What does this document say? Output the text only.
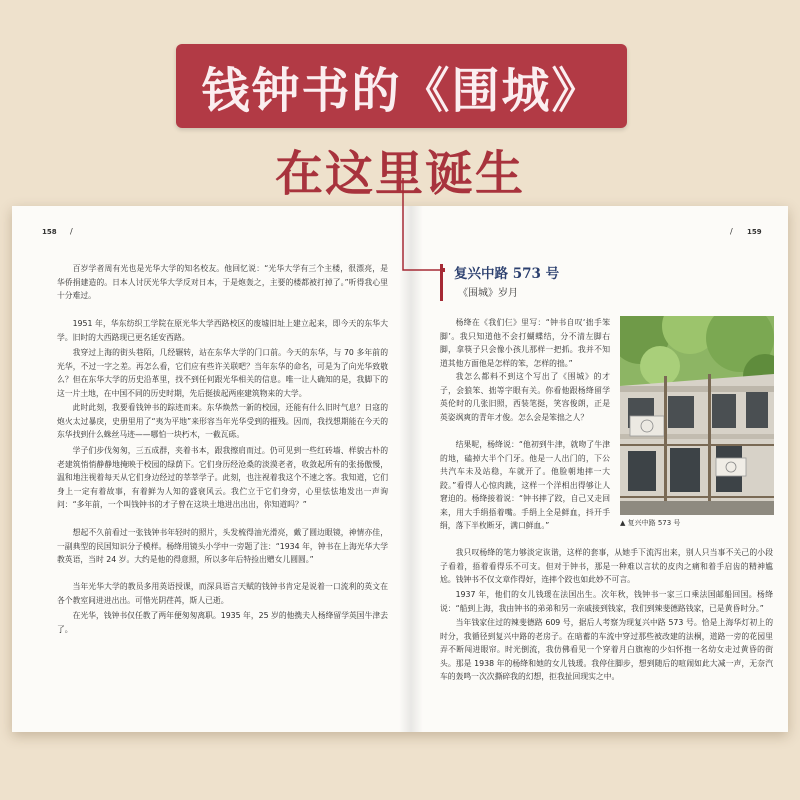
钱钟书的《围城》
在这里诞生
158 /

百岁学者周有光也是光华大学的知名校友。他回忆说：“光华大学有三个主楼，很漂亮，是华侨捐建造的。日本人讨厌光华大学反对日本，于是炮轰之，主要的楼都被打掉了。”听得我心里十分难过。

1951 年，华东纺织工学院在原光华大学西路校区的废墟旧址上建立起来，即今天的东华大学。旧时的大西路现已更名延安西路。

我穿过上海的街头巷陌，几经辗转，站在东华大学的门口前。今天的东华，与 70 多年前的光华，不过一字之差。再怎么看，它们应有些许关联吧？当年东华的命名，可是为了向光华致敬么？但在东华大学的历史沿革里，找不到任何跟光华相关的信息。唯一让人确知的是，我脚下的这一片土地，在中国不同的历史时期，先后挺拔起两座建筑物来的大学。

此时此刻，我要看钱钟书的踪迹而来。东华焕然一新的校园，还能有什么旧时气息？日寇的炮火太过暴戾，史册里用了“夷为平地”来形容当年光华受到的摧残。因而，我找想期能在今天的东华找到什么蛛丝马迹——哪怕一块朽木，一截瓦砾。

学子们步伐匆匆，三五成群，夹着书本，跟我擦肩而过。仍可见到一些红砖墙、样貌古朴的老建筑悄悄静静地掩映于校园的绿荫下。它们身历经沧桑的淡漠老者，收敛起所有的张扬傲慢，温和地注视着每天从它们身边经过的莘莘学子。此刻，也注视着我这个不速之客。我知道，它们身上一定有着故事，有着鲜为人知的盛衰风云。我伫立于它们身旁，心里怯怯地发出一声询问：“多年前，一个叫钱钟书的才子曾在这块土地进出出出，你知道吗？”

想起不久前看过一张钱钟书年轻时的照片，头发梳得油光滑亮，戴了圆边眼镜，神情亦佳，一副典型的民国知识分子模样。杨绛用镜头小学中一旁题了注：“1934 年，钟书在上海光华大学教英语，当时 24 岁。大约是他的得意照，所以多年后特捡出赠女儿圆圆。”

当年光华大学的教员多用英语授课，而深具语言天赋的钱钟书肯定是说着一口流利的英文在各个教室间进进出出。可惜光阴荏苒，斯人已逝。

在光华，钱钟书仅任教了两年便匆匆离职。1935 年，25 岁的他携夫人杨绛留学英国牛津去了。

/ 159
复兴中路 573 号
《围城》岁月

杨绛在《我们仨》里写：“钟书自叹‘拙手笨脚’。我只知道他不会打蝴蝶结，分不清左脚右脚，拿筷子只会像小孩儿那样一把抓。我并不知道其他方面他是怎样的笨，怎样的拙。”

我怎么都料不到这个写出了《围城》的才子，会狼笨、拙等字眼有关。你看他跟杨绛留学英伦时的几张旧照，西装笔挺，笑容俊朗，正是英姿飒爽的青年才俊。怎么会是笨拙之人？

结果呢，杨绛说：“他初到牛津，就吻了牛津的地，磕掉大半个门牙。他是一人出门的，下公共汽车未及站稳，车就开了。他脸朝地摔一大跤。”看得人心惊肉跳，这样一个洋相出得够让人窘迫的。杨绛接着说：“钟书摔了跤，自己又走回来，用大手绢捂着嘴。手绢上全是鲜血，抖开手绢，落下半枚断牙，满口鲜血。”

我只叹杨绛的笔力够淡定诙谐，这样的套事，从她手下流泻出来，别人只当事不关己的小段子看着，捂着看得乐不可支。但对于钟书，那是一种难以言状的皮肉之痛和着手启齿的精神尴尬。钱钟书不仅文章作得好，连摔个跤也如此妙不可言。

1937 年，他们的女儿钱瑗在法国出生。次年秋，钱钟书一家三口乘法国邮船回国。杨绛说：“船到上海，我由钟书的弟弟和另一亲戚接到钱家，我们到辣斐德路钱家，已是黄昏时分。”

当年钱家住过的辣斐德路 609 号，据后人考察为现复兴中路 573 号。恰是上海华灯初上的时分，我循径到复兴中路的老房子。在暗蓄的车流中穿过那些被改建的法桐，道路一旁的花园里弄不断闯进眼帘。时光倒流，我仿佛看见一个穿着月白旗袍的少妇怀抱一名幼女走过黄昏的街头。那是 1938 年的杨绛和她的女儿钱瑗。我停住脚步，想到随后的喧闹如此大减一声，无奈汽车的轰鸣一次次撕碎我的幻想，拒我扯回现实之中。

▲ 复兴中路 573 号
